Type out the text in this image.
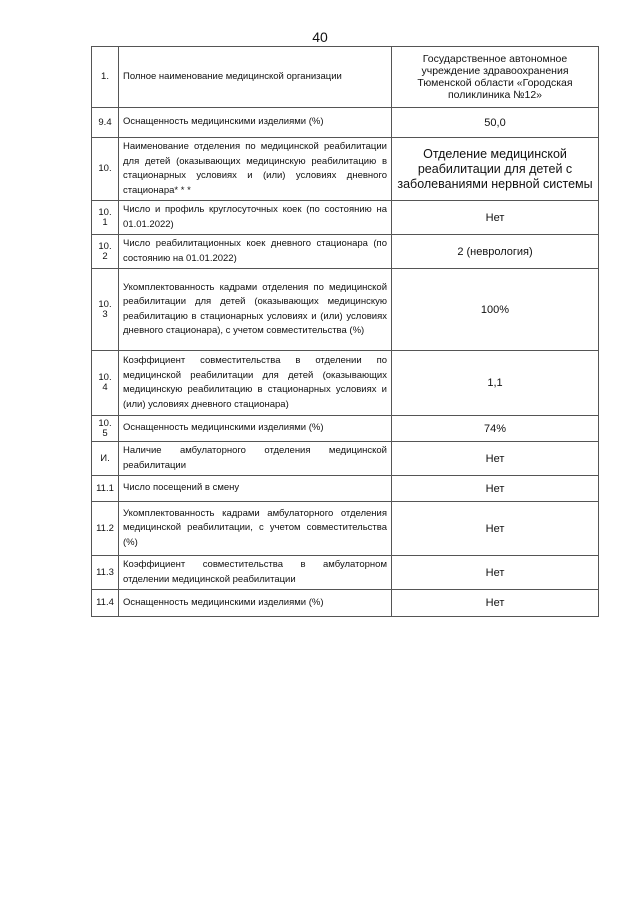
40
1.	Полное наименование медицинской организации	Государственное автономное учреждение здравоохранения Тюменской области «Городская поликлиника №12»
9.4	Оснащенность медицинскими изделиями (%)	50,0
10.	Наименование отделения по медицинской реабилитации для детей (оказывающих медицинскую реабилитацию в стационарных условиях и (или) условиях дневного стационара* * *	Отделение медицинской реабилитации для детей с заболеваниями нервной системы
10.1	Число и профиль круглосуточных коек (по состоянию на 01.01.2022)	Нет
10.2	Число реабилитационных коек дневного стационара (по состоянию на 01.01.2022)	2 (неврология)
10.3	Укомплектованность кадрами отделения по медицинской реабилитации для детей (оказывающих медицинскую реабилитацию в стационарных условиях и (или) условиях дневного стационара), с учетом совместительства (%)	100%
10.4	Коэффициент совместительства в отделении по медицинской реабилитации для детей (оказывающих медицинскую реабилитацию в стационарных условиях и (или) условиях дневного стационара)	1,1
10.5	Оснащенность медицинскими изделиями (%)	74%
И.	Наличие амбулаторного отделения медицинской реабилитации	Нет
11.1	Число посещений в смену	Нет
11.2	Укомплектованность кадрами амбулаторного отделения медицинской реабилитации, с учетом совместительства (%)	Нет
11.3	Коэффициент совместительства в амбулаторном отделении медицинской реабилитации	Нет
11.4	Оснащенность медицинскими изделиями (%)	Нет
